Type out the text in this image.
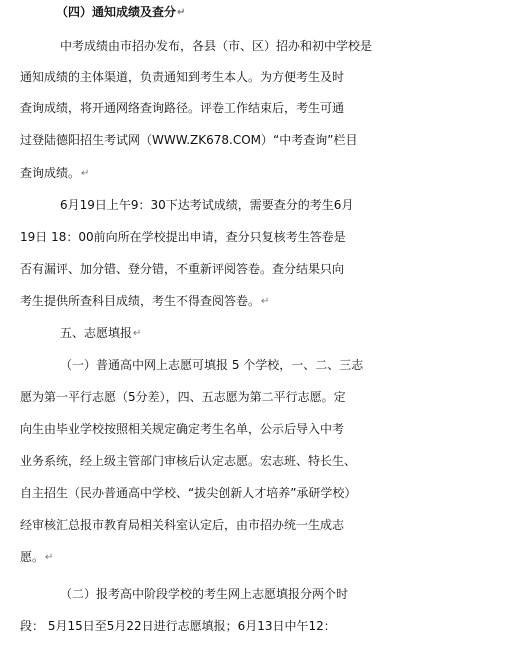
（四）通知成绩及查分↵
中考成绩由市招办发布，各县（市、区）招办和初中学校是
通知成绩的主体渠道，负责通知到考生本人。为方便考生及时
查询成绩，将开通网络查询路径。评卷工作结束后，考生可通
过登陆德阳招生考试网（WWW.ZK678.COM）“中考查询”栏目
查询成绩。↵
6月19日上午9：30下达考试成绩，需要查分的考生6月
19日 18：00前向所在学校提出申请，查分只复核考生答卷是
否有漏评、加分错、登分错，不重新评阅答卷。查分结果只向
考生提供所查科目成绩，考生不得查阅答卷。↵
五、志愿填报↵
（一）普通高中网上志愿可填报 5 个学校，一、二、三志
愿为第一平行志愿（5分差），四、五志愿为第二平行志愿。定
向生由毕业学校按照相关规定确定考生名单，公示后导入中考
业务系统，经上级主管部门审核后认定志愿。宏志班、特长生、
自主招生（民办普通高中学校、“拔尖创新人才培养”承研学校）
经审核汇总报市教育局相关科室认定后，由市招办统一生成志
愿。↵
（二）报考高中阶段学校的考生网上志愿填报分两个时
段： 5月15日至5月22日进行志愿填报；6月13日中午12：
